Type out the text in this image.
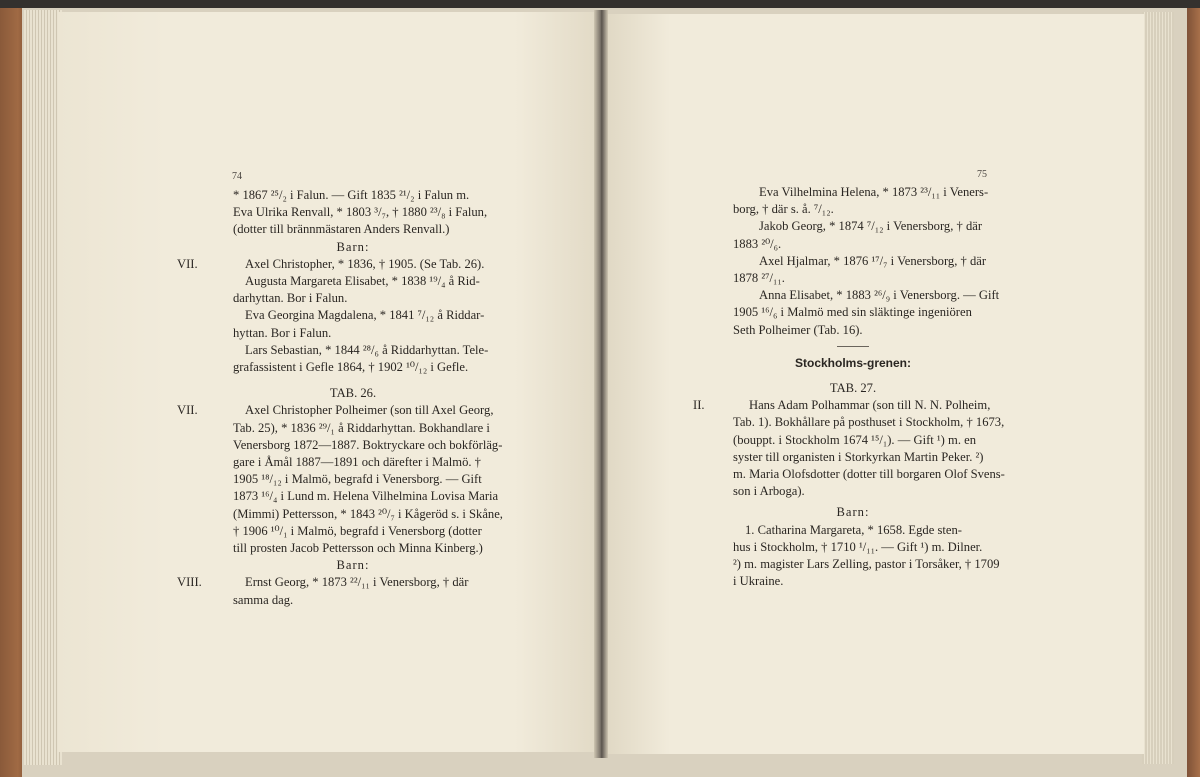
74
* 1867 ²⁵/₂ i Falun. — Gift 1835 ²¹/₂ i Falun m.
Eva Ulrika Renvall, * 1803 ³/₇, † 1880 ²³/₈ i Falun,
(dotter till brännmästaren Anders Renvall.)
Barn:
VII.	Axel Christopher, * 1836, † 1905. (Se Tab. 26).
Augusta Margareta Elisabet, * 1838 ¹⁹/₄ å Rid-
darhyttan. Bor i Falun.
Eva Georgina Magdalena, * 1841 ⁷/₁₂ å Riddar-
hyttan. Bor i Falun.
Lars Sebastian, * 1844 ²⁸/₆ å Riddarhyttan. Tele-
grafassistent i Gefle 1864, † 1902 ¹⁰/₁₂ i Gefle.
TAB. 26.
VII.	Axel Christopher Polheimer (son till Axel Georg,
Tab. 25), * 1836 ²⁹/₁ å Riddarhyttan. Bokhandlare i
Venersborg 1872—1887. Boktryckare och bokförläg-
gare i Åmål 1887—1891 och därefter i Malmö. †
1905 ¹⁸/₁₂ i Malmö, begrafd i Venersborg. — Gift
1873 ¹⁶/₄ i Lund m. Helena Vilhelmina Lovisa Maria
(Mimmi) Pettersson, * 1843 ²⁰/₇ i Kågeröd s. i Skåne,
† 1906 ¹⁰/₁ i Malmö, begrafd i Venersborg (dotter
till prosten Jacob Pettersson och Minna Kinberg.)
Barn:
VIII.	Ernst Georg, * 1873 ²²/₁₁ i Venersborg, † där
samma dag.
75
Eva Vilhelmina Helena, * 1873 ²³/₁₁ i Veners-
borg, † där s. å. ⁷/₁₂.
Jakob Georg, * 1874 ⁷/₁₂ i Venersborg, † där
1883 ²⁰/₆.
Axel Hjalmar, * 1876 ¹⁷/₇ i Venersborg, † där
1878 ²⁷/₁₁.
Anna Elisabet, * 1883 ²⁶/₉ i Venersborg. — Gift
1905 ¹⁶/₆ i Malmö med sin släktinge ingeniören
Seth Polheimer (Tab. 16).
Stockholms-grenen:
TAB. 27.
II.	Hans Adam Polhammar (son till N. N. Polheim,
Tab. 1). Bokhållare på posthuset i Stockholm, † 1673,
(bouppt. i Stockholm 1674 ¹⁵/₁). — Gift ¹) m. en
syster till organisten i Storkyrkan Martin Peker. ²)
m. Maria Olofsdotter (dotter till borgaren Olof Svens-
son i Arboga).
Barn:
1. Catharina Margareta, * 1658. Egde sten-
hus i Stockholm, † 1710 ¹/₁₁. — Gift ¹) m. Dilner.
²) m. magister Lars Zelling, pastor i Torsåker, † 1709
i Ukraine.
